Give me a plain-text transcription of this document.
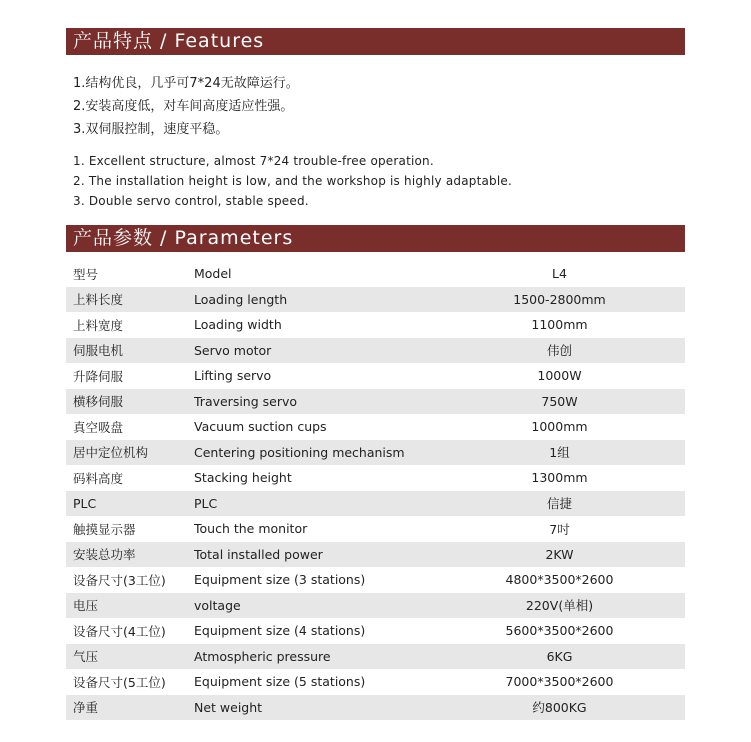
产品特点 / Features
1.结构优良，几乎可7*24无故障运行。
2.安装高度低，对车间高度适应性强。
3.双伺服控制，速度平稳。
1. Excellent structure, almost 7*24 trouble-free operation.
2. The installation height is low, and the workshop is highly adaptable.
3. Double servo control, stable speed.
产品参数 / Parameters
型号	Model	L4
上料长度	Loading length	1500-2800mm
上料宽度	Loading width	1100mm
伺服电机	Servo motor	伟创
升降伺服	Lifting servo	1000W
横移伺服	Traversing servo	750W
真空吸盘	Vacuum suction cups	1000mm
居中定位机构	Centering positioning mechanism	1组
码料高度	Stacking height	1300mm
PLC	PLC	信捷
触摸显示器	Touch the monitor	7吋
安装总功率	Total installed power	2KW
设备尺寸(3工位)	Equipment size (3 stations)	4800*3500*2600
电压	voltage	220V(单相)
设备尺寸(4工位)	Equipment size (4 stations)	5600*3500*2600
气压	Atmospheric pressure	6KG
设备尺寸(5工位)	Equipment size (5 stations)	7000*3500*2600
净重	Net weight	约800KG
